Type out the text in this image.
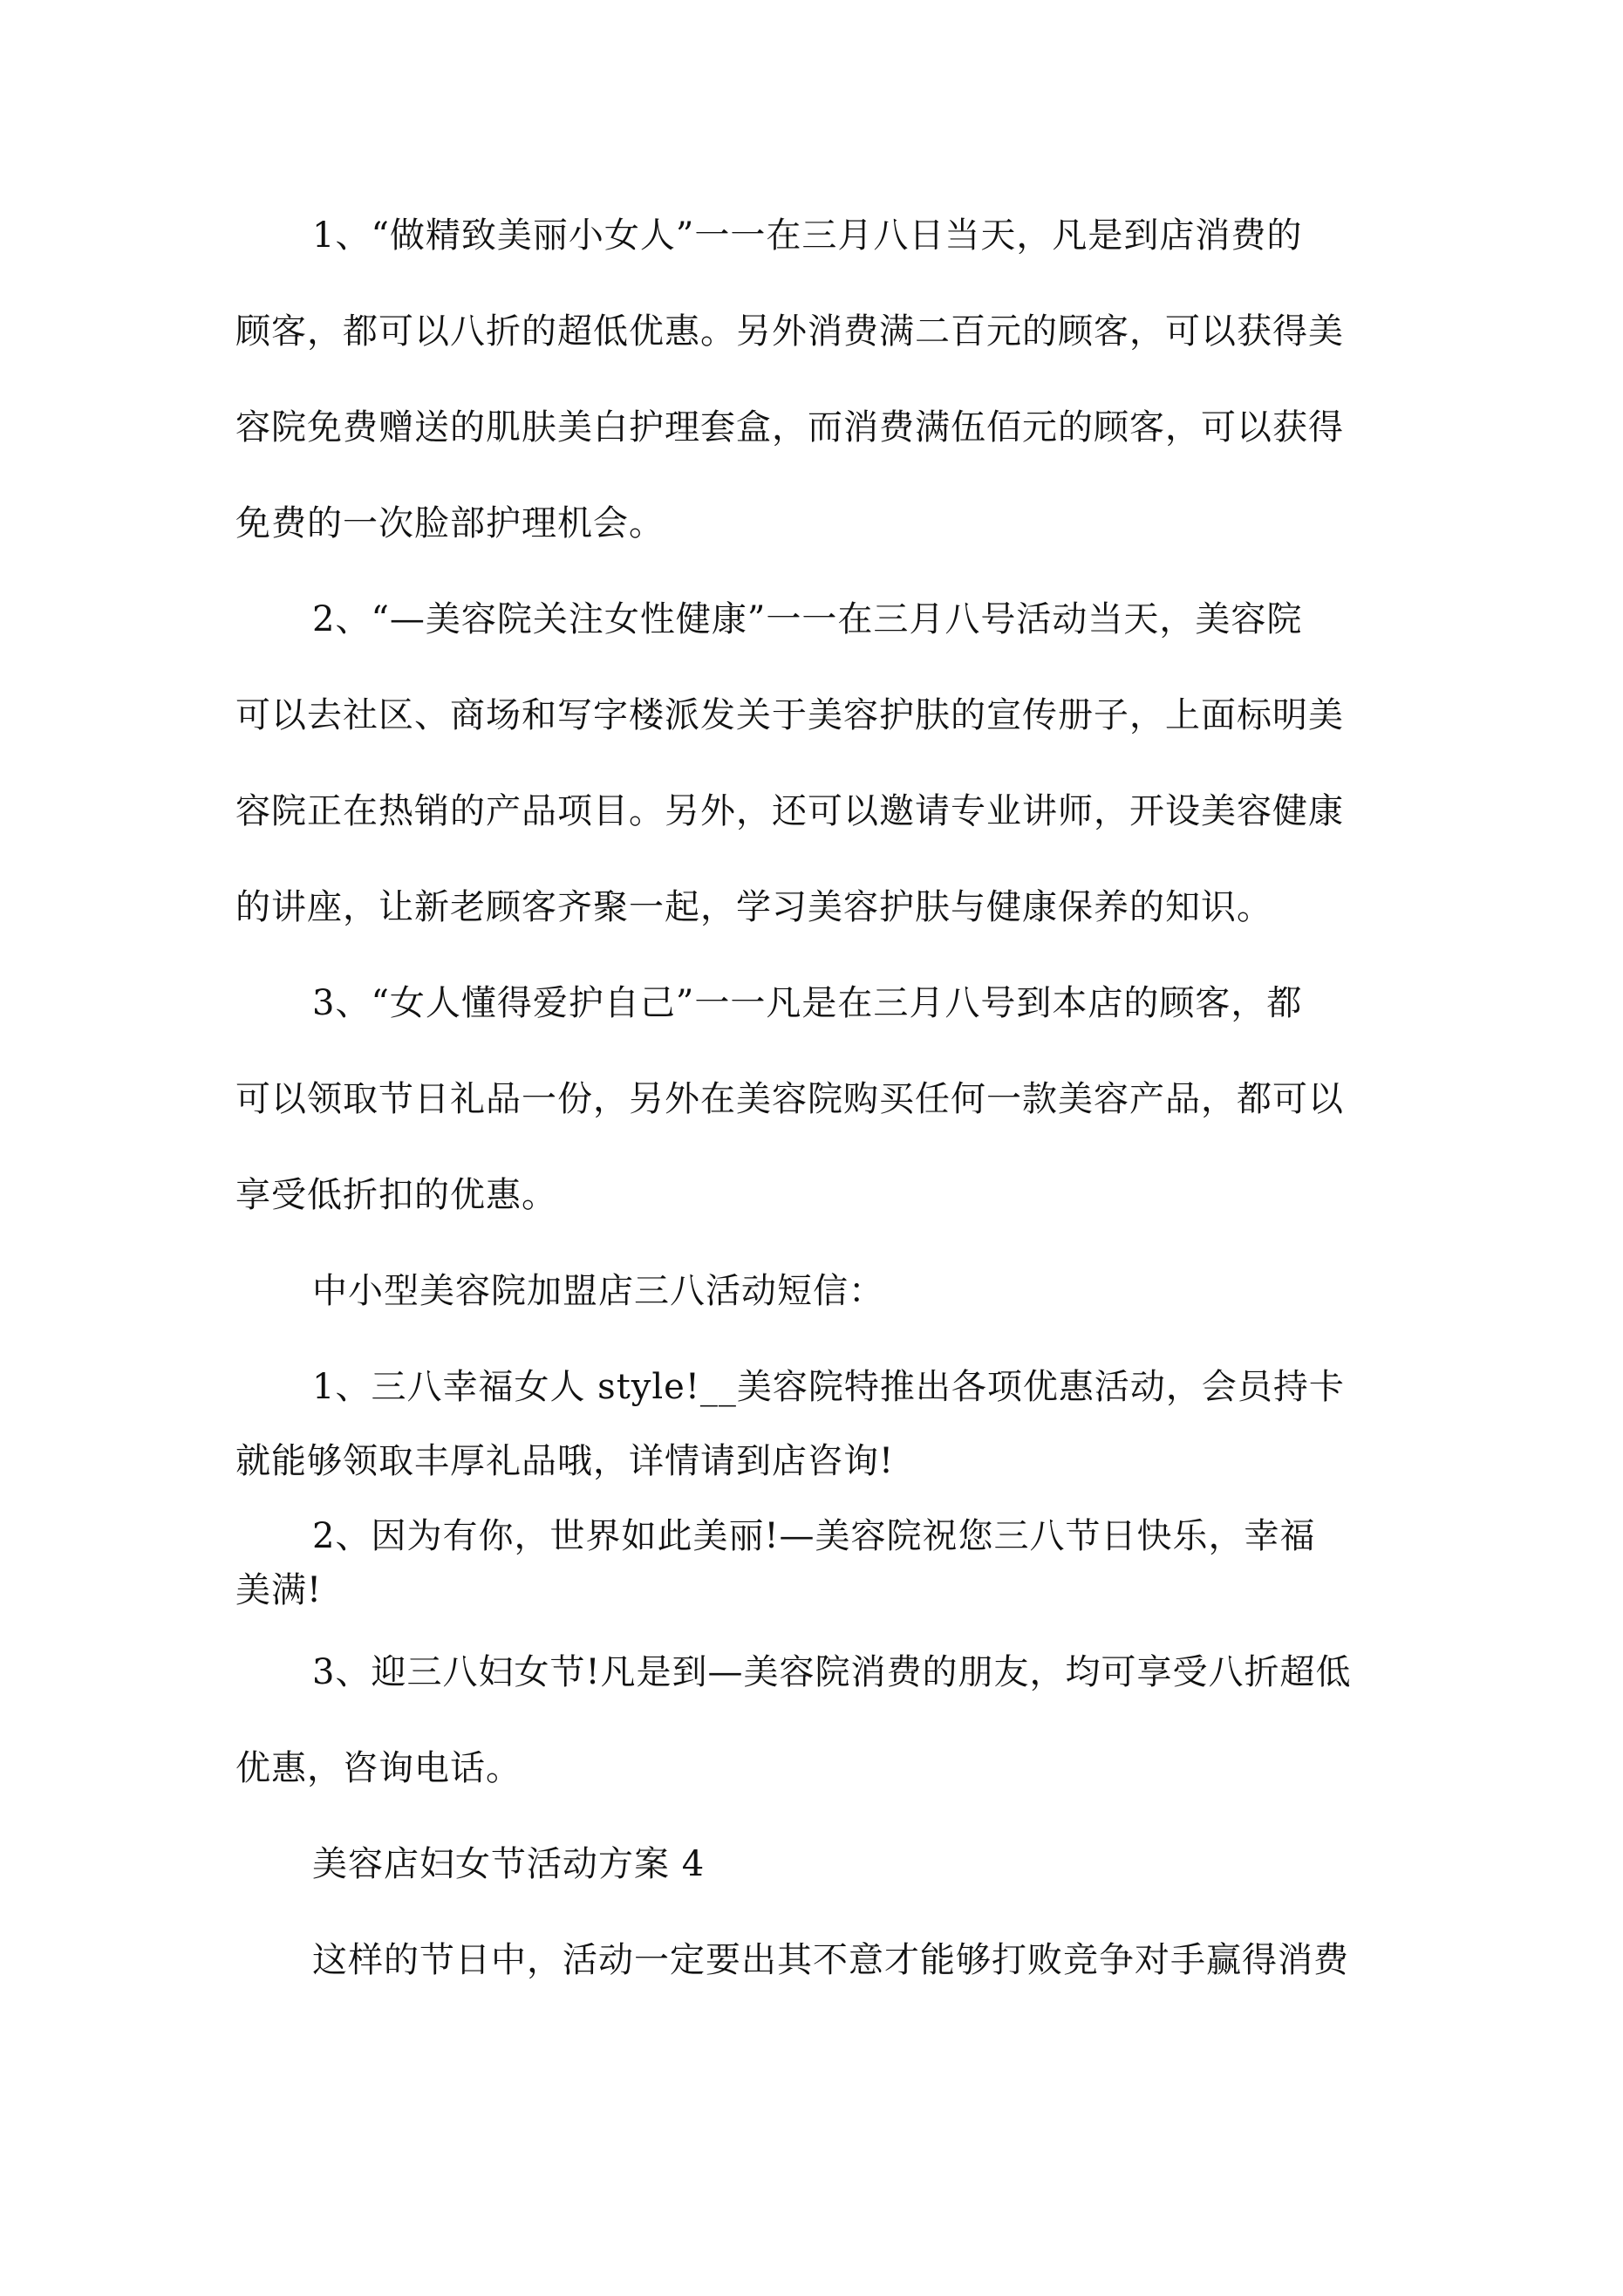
1、“做精致美丽小女人”一一在三月八日当天，凡是到店消费的
顾客，都可以八折的超低优惠。另外消费满二百元的顾客，可以获得美
容院免费赠送的肌肤美白护理套盒，而消费满伍佰元的顾客，可以获得
免费的一次脸部护理机会。
2、“—美容院关注女性健康”一一在三月八号活动当天，美容院
可以去社区、商场和写字楼派发关于美容护肤的宣传册子，上面标明美
容院正在热销的产品项目。另外，还可以邀请专业讲师，开设美容健康
的讲座，让新老顾客齐聚一起，学习美容护肤与健康保养的知识。
3、“女人懂得爱护自己”一一凡是在三月八号到本店的顾客，都
可以领取节日礼品一份，另外在美容院购买任何一款美容产品，都可以
享受低折扣的优惠。
中小型美容院加盟店三八活动短信：
1、三八幸福女人 style!__美容院特推出各项优惠活动，会员持卡
就能够领取丰厚礼品哦，详情请到店咨询!
2、因为有你，世界如此美丽!—美容院祝您三八节日快乐，幸福
美满!
3、迎三八妇女节!凡是到—美容院消费的朋友，均可享受八折超低
优惠，咨询电话。
美容店妇女节活动方案 4
这样的节日中，活动一定要出其不意才能够打败竞争对手赢得消费
